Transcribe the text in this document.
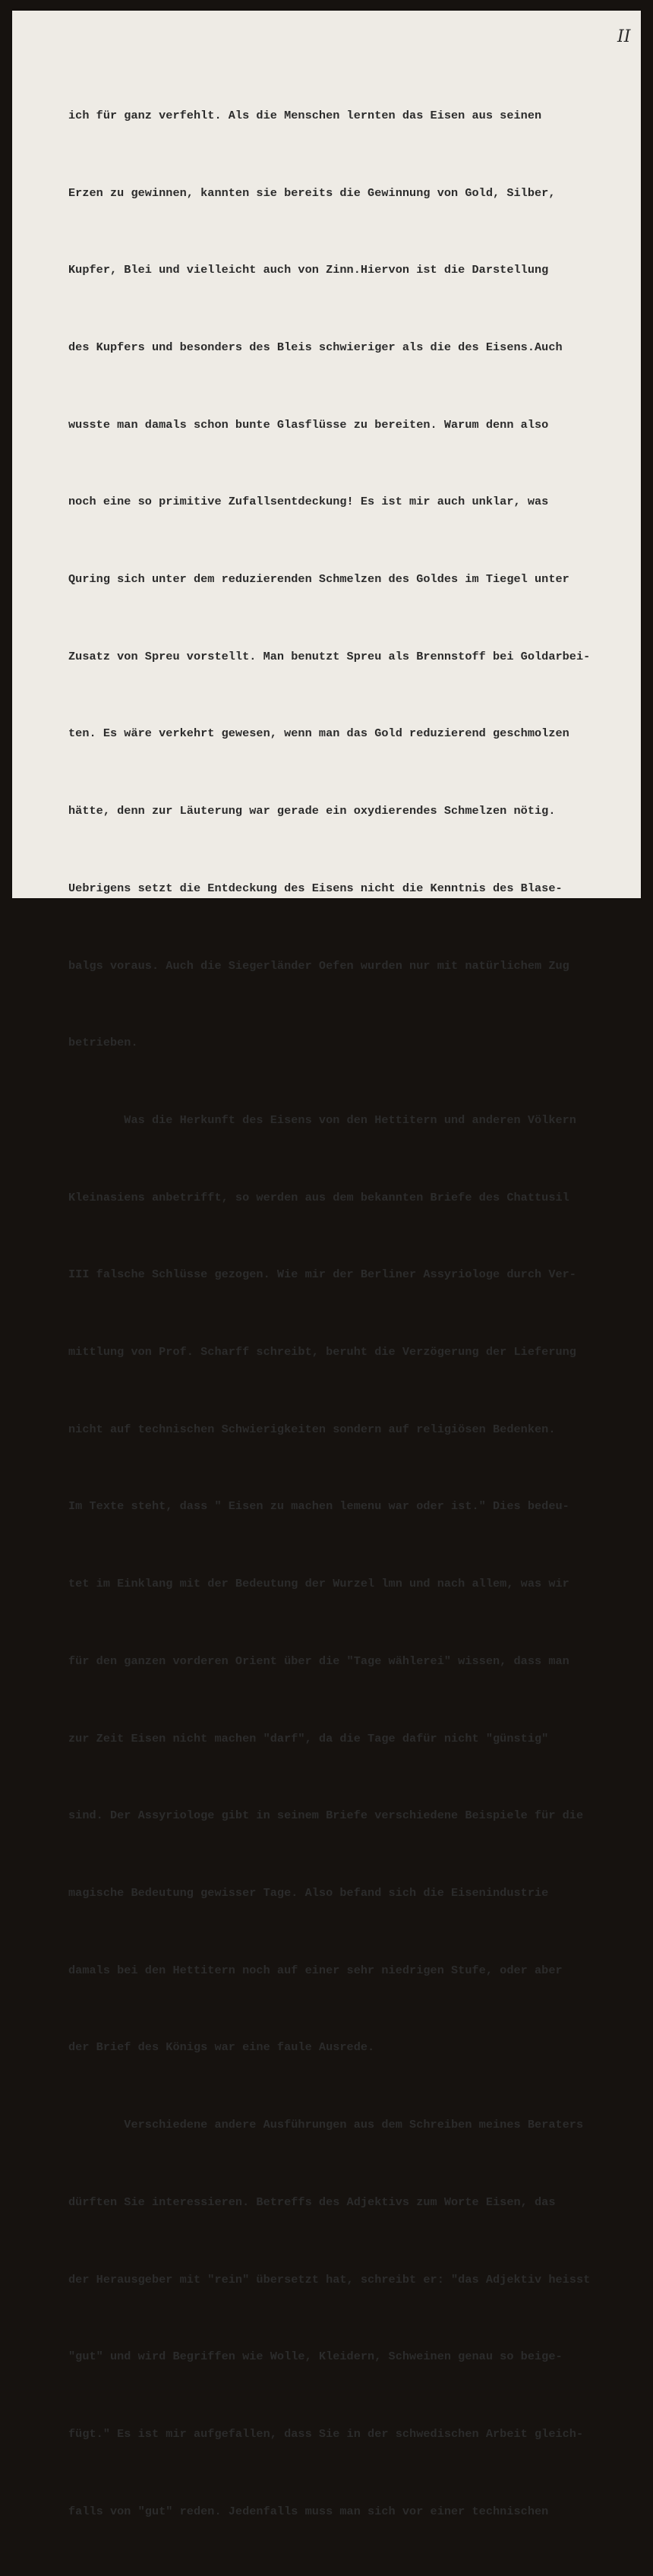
II

ich für ganz verfehlt. Als die Menschen lernten das Eisen aus seinen

Erzen zu gewinnen, kannten sie bereits die Gewinnung von Gold, Silber,

Kupfer, Blei und vielleicht auch von Zinn.Hiervon ist die Darstellung

des Kupfers und besonders des Bleis schwieriger als die des Eisens.Auch

wusste man damals schon bunte Glasflüsse zu bereiten. Warum denn also

noch eine so primitive Zufallsentdeckung! Es ist mir auch unklar, was

Quring sich unter dem reduzierenden Schmelzen des Goldes im Tiegel unter

Zusatz von Spreu vorstellt. Man benutzt Spreu als Brennstoff bei Goldarbei-

ten. Es wäre verkehrt gewesen, wenn man das Gold reduzierend geschmolzen

hätte, denn zur Läuterung war gerade ein oxydierendes Schmelzen nötig.

Uebrigens setzt die Entdeckung des Eisens nicht die Kenntnis des Blase-

balgs voraus. Auch die Siegerländer Oefen wurden nur mit natürlichem Zug

betrieben.

Was die Herkunft des Eisens von den Hettitern und anderen Völkern

Kleinasiens anbetrifft, so werden aus dem bekannten Briefe des Chattusil

III falsche Schlüsse gezogen. Wie mir der Berliner Assyriologe durch Ver-

mittlung von Prof. Scharff schreibt, beruht die Verzögerung der Lieferung

nicht auf technischen Schwierigkeiten sondern auf religiösen Bedenken.

Im Texte steht, dass " Eisen zu machen lemenu war oder ist." Dies bedeu-

tet im Einklang mit der Bedeutung der Wurzel lmn und nach allem, was wir

für den ganzen vorderen Orient über die "Tage wählerei" wissen, dass man

zur Zeit Eisen nicht machen "darf", da die Tage dafür nicht "günstig"

sind. Der Assyriologe gibt in seinem Briefe verschiedene Beispiele für die

magische Bedeutung gewisser Tage. Also befand sich die Eisenindustrie

damals bei den Hettitern noch auf einer sehr niedrigen Stufe, oder aber

der Brief des Königs war eine faule Ausrede.

Verschiedene andere Ausführungen aus dem Schreiben meines Beraters

dürften Sie interessieren. Betreffs des Adjektivs zum Worte Eisen, das

der Herausgeber mit "rein" übersetzt hat, schreibt er: "das Adjektiv heisst

"gut" und wird Begriffen wie Wolle, Kleidern, Schweinen genau so beige-

fügt." Es ist mir aufgefallen, dass Sie in der schwedischen Arbeit gleich-

falls von "gut" reden. Jedenfalls muss man sich vor einer technischen
